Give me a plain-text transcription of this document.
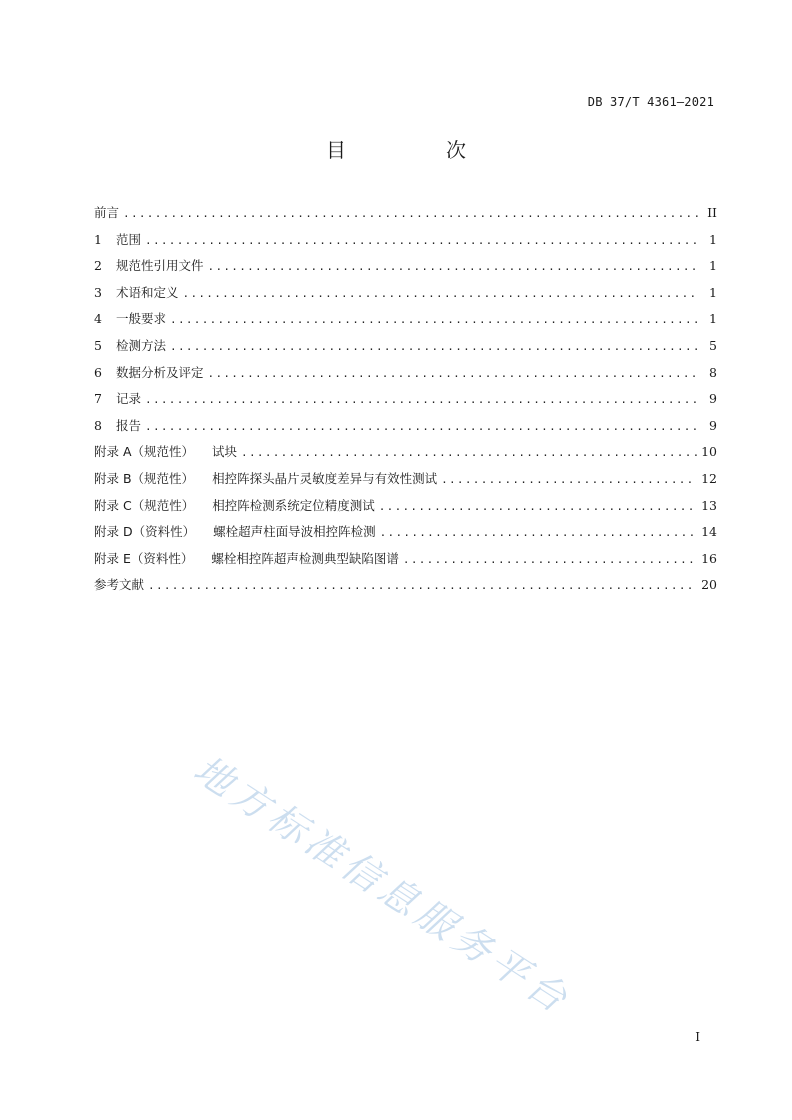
DB 37/T 4361—2021
目　次
前言 .....	II
1	范围 .....	1
2	规范性引用文件 .....	1
3	术语和定义 .....	1
4	一般要求 .....	1
5	检测方法 .....	5
6	数据分析及评定 .....	8
7	记录 .....	9
8	报告 .....	9
附录 A（规范性） 试块 .....	10
附录 B（规范性） 相控阵探头晶片灵敏度差异与有效性测试 .....	12
附录 C（规范性） 相控阵检测系统定位精度测试 .....	13
附录 D（资料性） 螺栓超声柱面导波相控阵检测 .....	14
附录 E（资料性） 螺栓相控阵超声检测典型缺陷图谱 .....	16
参考文献 .....	20
地方标准信息服务平台
I
